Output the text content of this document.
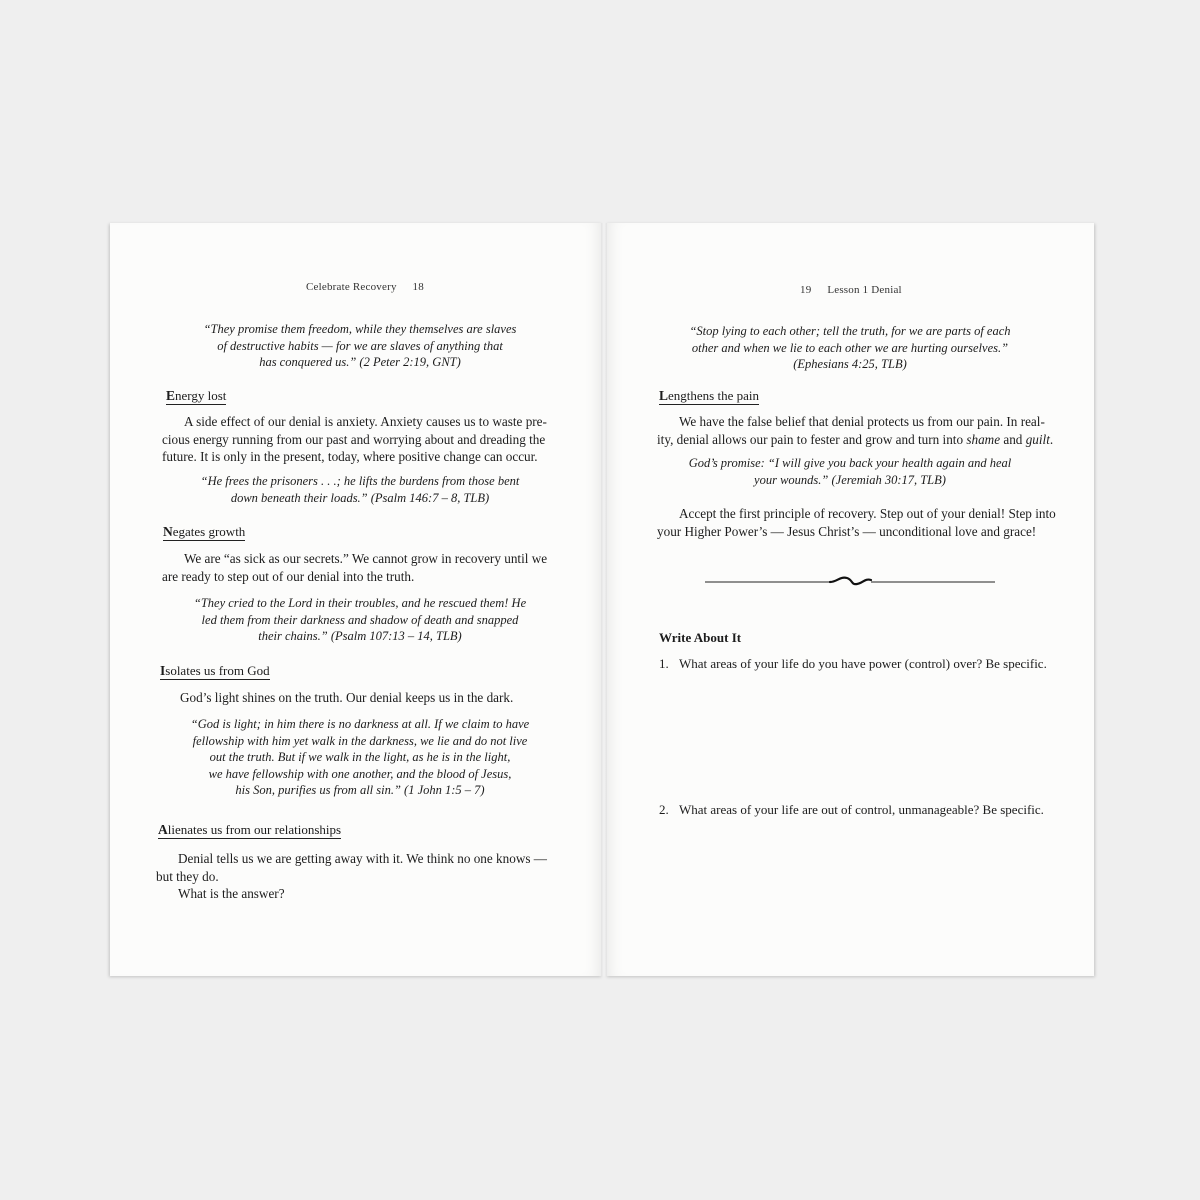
Celebrate Recovery 18
“They promise them freedom, while they themselves are slaves
of destructive habits — for we are slaves of anything that
has conquered us.” (2 Peter 2:19, GNT)
Energy lost

A side effect of our denial is anxiety. Anxiety causes us to waste pre-

cious energy running from our past and worrying about and dreading the

future. It is only in the present, today, where positive change can occur.

“He frees the prisoners . . .; he lifts the burdens from those bent
down beneath their loads.” (Psalm 146:7 – 8, TLB)
Negates growth

We are “as sick as our secrets.” We cannot grow in recovery until we

are ready to step out of our denial into the truth.

“They cried to the Lord in their troubles, and he rescued them! He
led them from their darkness and shadow of death and snapped
their chains.” (Psalm 107:13 – 14, TLB)
Isolates us from God

God’s light shines on the truth. Our denial keeps us in the dark.

“God is light; in him there is no darkness at all. If we claim to have
fellowship with him yet walk in the darkness, we lie and do not live
out the truth. But if we walk in the light, as he is in the light,
we have fellowship with one another, and the blood of Jesus,
his Son, purifies us from all sin.” (1 John 1:5 – 7)
Alienates us from our relationships

Denial tells us we are getting away with it. We think no one knows —

but they do.

What is the answer?

19 Lesson 1 Denial
“Stop lying to each other; tell the truth, for we are parts of each
other and when we lie to each other we are hurting ourselves.”
(Ephesians 4:25, TLB)
Lengthens the pain

We have the false belief that denial protects us from our pain. In real-

ity, denial allows our pain to fester and grow and turn into shame and guilt.

God’s promise: “I will give you back your health again and heal
your wounds.” (Jeremiah 30:17, TLB)

Accept the first principle of recovery. Step out of your denial! Step into

your Higher Power’s — Jesus Christ’s — unconditional love and grace!

Write About It
1. What areas of your life do you have power (control) over? Be specific.
2. What areas of your life are out of control, unmanageable? Be specific.
